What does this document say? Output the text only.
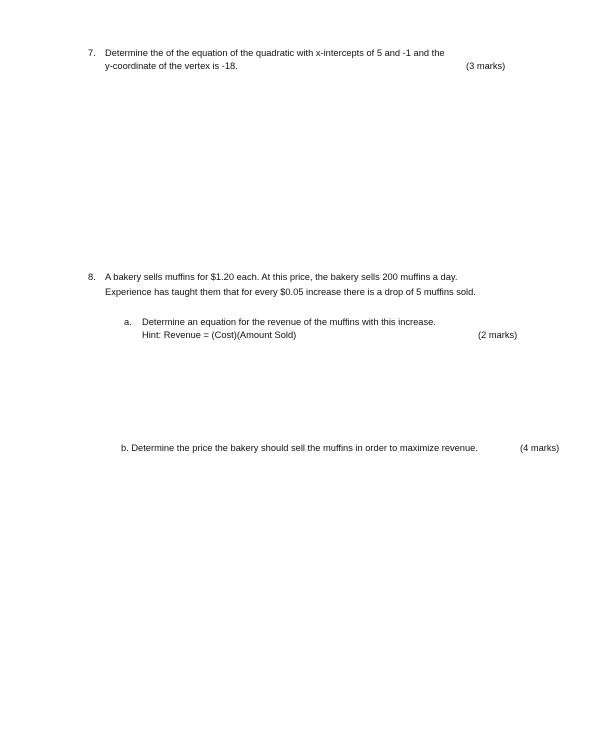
7. Determine the of the equation of the quadratic with x-intercepts of 5 and -1 and the
y-coordinate of the vertex is -18.	(3 marks)
8. A bakery sells muffins for $1.20 each. At this price, the bakery sells 200 muffins a day.
Experience has taught them that for every $0.05 increase there is a drop of 5 muffins sold.
a. Determine an equation for the revenue of the muffins with this increase.
Hint: Revenue = (Cost)(Amount Sold)	(2 marks)
b. Determine the price the bakery should sell the muffins in order to maximize revenue.	(4 marks)
